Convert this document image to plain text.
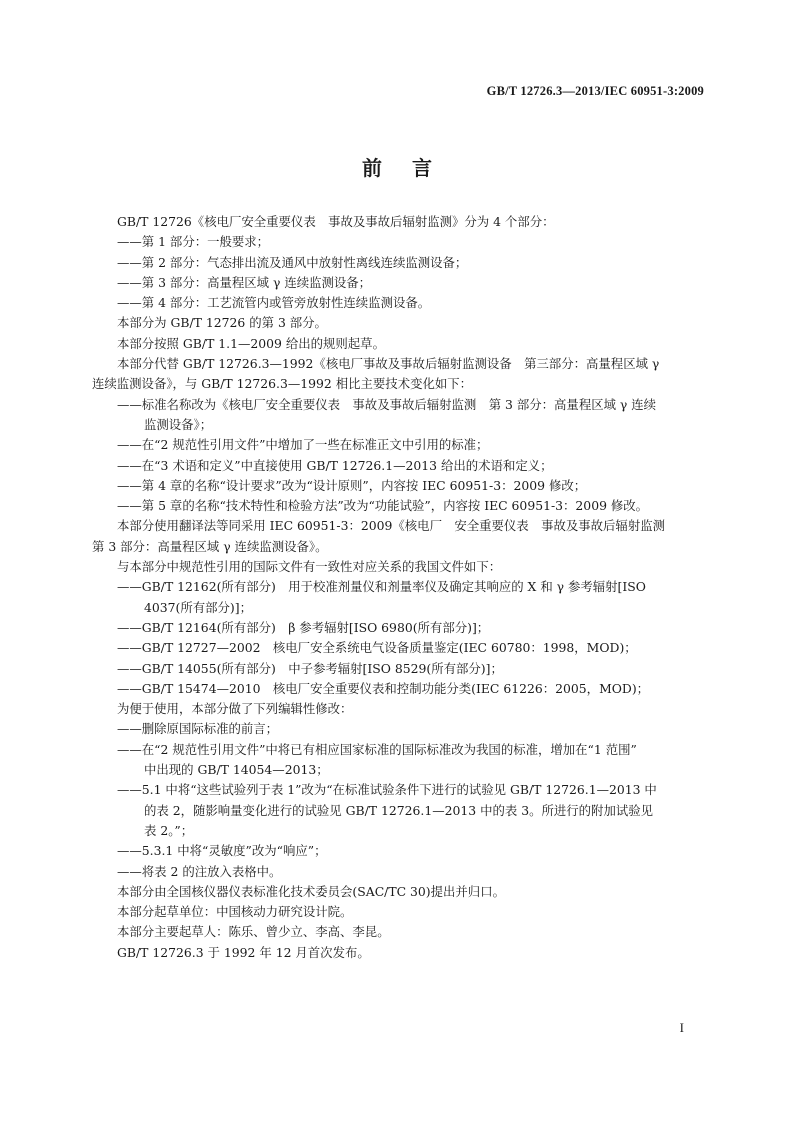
GB/T 12726.3—2013/IEC 60951-3:2009
前言

GB/T 12726《核电厂安全重要仪表　事故及事故后辐射监测》分为 4 个部分：

——第 1 部分：一般要求；

——第 2 部分：气态排出流及通风中放射性离线连续监测设备；

——第 3 部分：高量程区域 γ 连续监测设备；

——第 4 部分：工艺流管内或管旁放射性连续监测设备。

本部分为 GB/T 12726 的第 3 部分。

本部分按照 GB/T 1.1—2009 给出的规则起草。

本部分代替 GB/T 12726.3—1992《核电厂事故及事故后辐射监测设备　第三部分：高量程区域 γ

连续监测设备》，与 GB/T 12726.3—1992 相比主要技术变化如下：

——标准名称改为《核电厂安全重要仪表　事故及事故后辐射监测　第 3 部分：高量程区域 γ 连续

监测设备》；

——在“2 规范性引用文件”中增加了一些在标准正文中引用的标准；

——在“3 术语和定义”中直接使用 GB/T 12726.1—2013 给出的术语和定义；

——第 4 章的名称“设计要求”改为“设计原则”，内容按 IEC 60951-3：2009 修改；

——第 5 章的名称“技术特性和检验方法”改为“功能试验”，内容按 IEC 60951-3：2009 修改。

本部分使用翻译法等同采用 IEC 60951-3：2009《核电厂　安全重要仪表　事故及事故后辐射监测

第 3 部分：高量程区域 γ 连续监测设备》。

与本部分中规范性引用的国际文件有一致性对应关系的我国文件如下：

——GB/T 12162(所有部分)　用于校准剂量仪和剂量率仪及确定其响应的 X 和 γ 参考辐射[ISO

4037(所有部分)]；

——GB/T 12164(所有部分)　β 参考辐射[ISO 6980(所有部分)]；

——GB/T 12727—2002　核电厂安全系统电气设备质量鉴定(IEC 60780：1998，MOD)；

——GB/T 14055(所有部分)　中子参考辐射[ISO 8529(所有部分)]；

——GB/T 15474—2010　核电厂安全重要仪表和控制功能分类(IEC 61226：2005，MOD)；

为便于使用，本部分做了下列编辑性修改：

——删除原国际标准的前言；

——在“2 规范性引用文件”中将已有相应国家标准的国际标准改为我国的标准，增加在“1 范围”

中出现的 GB/T 14054—2013；

——5.1 中将“这些试验列于表 1”改为“在标准试验条件下进行的试验见 GB/T 12726.1—2013 中

的表 2，随影响量变化进行的试验见 GB/T 12726.1—2013 中的表 3。所进行的附加试验见

表 2。”；

——5.3.1 中将“灵敏度”改为“响应”；

——将表 2 的注放入表格中。

本部分由全国核仪器仪表标准化技术委员会(SAC/TC 30)提出并归口。

本部分起草单位：中国核动力研究设计院。

本部分主要起草人：陈乐、曾少立、李高、李昆。

GB/T 12726.3 于 1992 年 12 月首次发布。

I
